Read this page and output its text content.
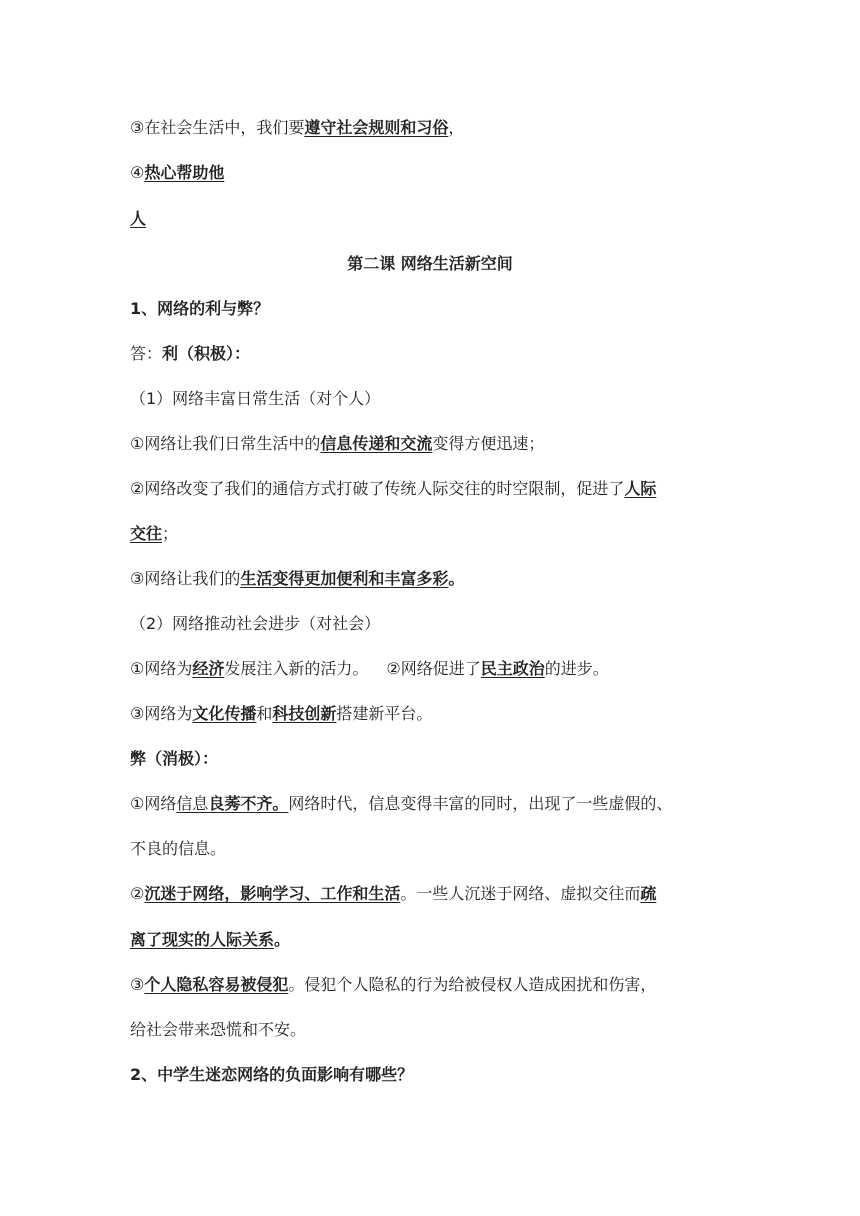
③在社会生活中，我们要遵守社会规则和习俗，
④热心帮助他
人
第二课 网络生活新空间
1、网络的利与弊？
答：利（积极）：
（1）网络丰富日常生活（对个人）
①网络让我们日常生活中的信息传递和交流变得方便迅速；
②网络改变了我们的通信方式打破了传统人际交往的时空限制，促进了人际
交往；
③网络让我们的生活变得更加便利和丰富多彩。
（2）网络推动社会进步（对社会）
①网络为经济发展注入新的活力。 ②网络促进了民主政治的进步。
③网络为文化传播和科技创新搭建新平台。
弊（消极）：
①网络信息良莠不齐。网络时代，信息变得丰富的同时，出现了一些虚假的、
不良的信息。
②沉迷于网络，影响学习、工作和生活。一些人沉迷于网络、虚拟交往而疏
离了现实的人际关系。
③个人隐私容易被侵犯。侵犯个人隐私的行为给被侵权人造成困扰和伤害，
给社会带来恐慌和不安。
2、中学生迷恋网络的负面影响有哪些？
